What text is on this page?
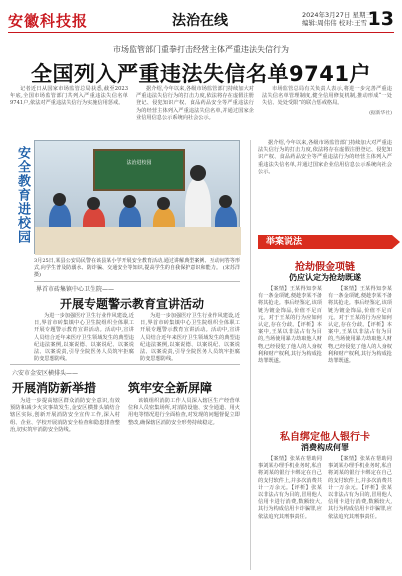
安徽科技报	法治在线	2024年3月27日 星期三
编辑:周伟伟 校对:王雪 13
市场监管部门重拳打击经营主体严重违法失信行为
全国列入严重违法失信名单9741户

记者近日从国家市场监管总局获悉,截至2023年底,全国市场监管部门共列入严重违法失信名单9741户,依法对严重违法失信行为实施信用惩戒。

据介绍,今年以来,各级市场监管部门持续加大对严重违法失信行为的打击力度,依法将存在虚假注册登记、侵犯知识产权、食品药品安全等严重违法行为的经营主体列入严重违法失信名单,并通过国家企业信用信息公示系统向社会公示。

市场监管总局有关负责人表示,将进一步完善严重违法失信名单管理制度,健全信用修复机制,推动形成“一处失信、处处受限”的联合惩戒格局。

(据新华社)
安全教育进校园	法治进校园
3月25日,某县公安局民警在该县某小学开展安全教育活动,通过讲解典型案例、互动问答等形式,向学生普及防溺水、防诈骗、交通安全等知识,提高学生的自我保护意识和能力。 (宋苏洋 摄)
界首市砖集镇中心卫生院——
开展专题警示教育宣讲活动

为进一步加强医疗卫生行业作风建设,近日,界首市砖集镇中心卫生院组织全体职工开展专题警示教育宣讲活动。活动中,宣讲人员结合近年来医疗卫生领域发生的典型违纪违法案例,以案说德、以案说纪、以案说法、以案说责,引导全院医务人员筑牢拒腐防变思想防线。

为进一步加强医疗卫生行业作风建设,近日,界首市砖集镇中心卫生院组织全体职工开展专题警示教育宣讲活动。活动中,宣讲人员结合近年来医疗卫生领域发生的典型违纪违法案例,以案说德、以案说纪、以案说法、以案说责,引导全院医务人员筑牢拒腐防变思想防线。

六安市金安区横排头——
开展消防新举措	筑牢安全新屏障

为进一步提高辖区群众消防安全意识,有效预防和减少火灾事故发生,金安区横排头镇结合辖区实际,创新开展消防安全宣传工作,深入村组、企业、学校开展消防安全检查和隐患排查整治,切实筑牢消防安全防线。

该镇组织消防工作人员深入辖区生产经营单位和人员密集场所,对消防设施、安全通道、用火用电等情况进行全面检查,对发现的问题督促立即整改,确保辖区消防安全形势持续稳定。

据介绍,今年以来,各级市场监管部门持续加大对严重违法失信行为的打击力度,依法将存在虚假注册登记、侵犯知识产权、食品药品安全等严重违法行为的经营主体列入严重违法失信名单,并通过国家企业信用信息公示系统向社会公示。

举案说法
抢劫假金项链
仍应认定为抢劫既遂

【案情】王某得知李某有一条金项链,便趁李某不备将其抢走。事后经鉴定,该项链为镀金饰品,价值不足百元。对于王某的行为应如何认定,存在分歧。【评析】本案中,王某以非法占有为目的,当场使用暴力劫取他人财物,已经侵犯了他人的人身权利和财产权利,其行为构成抢劫罪既遂。

【案情】王某得知李某有一条金项链,便趁李某不备将其抢走。事后经鉴定,该项链为镀金饰品,价值不足百元。对于王某的行为应如何认定,存在分歧。【评析】本案中,王某以非法占有为目的,当场使用暴力劫取他人财物,已经侵犯了他人的人身权利和财产权利,其行为构成抢劫罪既遂。

私自绑定他人银行卡
消费构成何罪

【案情】张某在帮助同事刘某办理手机业务时,私自将刘某的银行卡绑定在自己的支付软件上,并多次消费共计一万余元。【评析】张某以非法占有为目的,冒用他人信用卡进行消费,数额较大,其行为构成信用卡诈骗罪,应依法追究其刑事责任。

【案情】张某在帮助同事刘某办理手机业务时,私自将刘某的银行卡绑定在自己的支付软件上,并多次消费共计一万余元。【评析】张某以非法占有为目的,冒用他人信用卡进行消费,数额较大,其行为构成信用卡诈骗罪,应依法追究其刑事责任。
